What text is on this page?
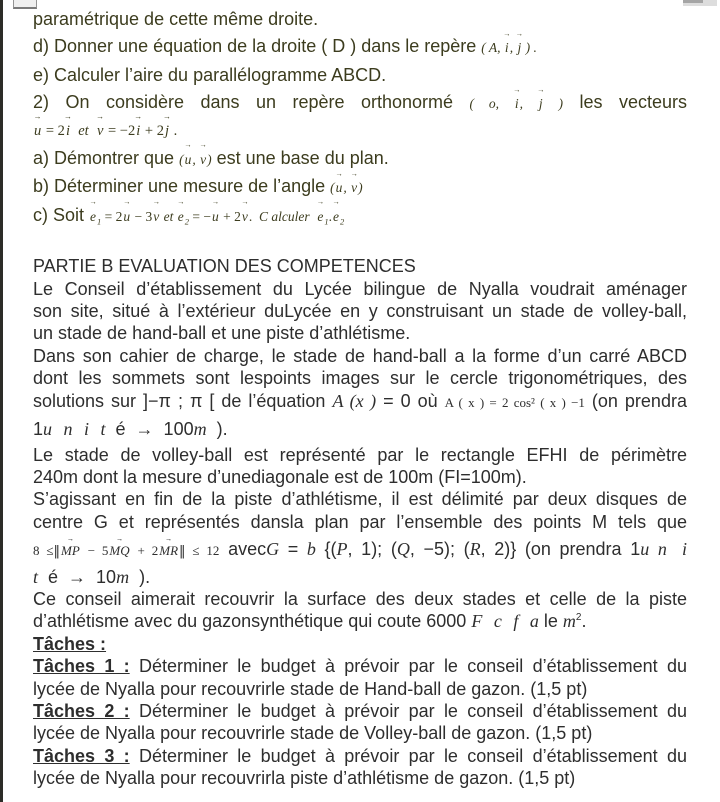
paramétrique de cette même droite.
d) Donner une équation de la droite ( D ) dans le repère ( A, i →, j → ) .
e) Calculer l’aire du parallélogramme ABCD.
2) On considère dans un repère orthonormé ( o, i →, j → ) les vecteurs
u → = 2i → et v → = −2i → + 2j → .
a) Démontrer que (u →, v →) est une base du plan.
b) Déterminer une mesure de l’angle (u →, v →)
c) Soit $e \to_1 = 2u$ → − 3v → et $e \to_2 = -u$ → + 2v →. C alculer $e \to_1.e \to_2$
PARTIE B EVALUATION DES COMPETENCES
Le Conseil d’établissement du Lycée bilingue de Nyalla voudrait aménager
son site, situé à l’extérieur duLycée en y construisant un stade de volley-ball,
un stade de hand-ball et une piste d’athlétisme.
Dans son cahier de charge, le stade de hand-ball a la forme d’un carré ABCD
dont les sommets sont lespoints images sur le cercle trigonométriques, des
solutions sur ]−π ; π [ de l’équation A (x ) = 0 où A ( x ) = 2 cos² ( x ) −1 (on prendra
1u n i t é → 100m ).
Le stade de volley-ball est représenté par le rectangle EFHI de périmètre
240m dont la mesure d’unediagonale est de 100m (FI=100m).
S’agissant en fin de la piste d’athlétisme, il est délimité par deux disques de
centre G et représentés dansla plan par l’ensemble des points M tels que
8 ≤‖MP → − 5MQ → + 2MR →‖ ≤ 12 avecG = b {(P, 1); (Q, −5); (R, 2)} (on prendra 1u n i
t é → 10m ).
Ce conseil aimerait recouvrir la surface des deux stades et celle de la piste
d’athlétisme avec du gazonsynthétique qui coute 6000 F c f a le $m^2$.
Tâches :
Tâches 1 : Déterminer le budget à prévoir par le conseil d’établissement du
lycée de Nyalla pour recouvrirle stade de Hand-ball de gazon. (1,5 pt)
Tâches 2 : Déterminer le budget à prévoir par le conseil d’établissement du
lycée de Nyalla pour recouvrirle stade de Volley-ball de gazon. (1,5 pt)
Tâches 3 : Déterminer le budget à prévoir par le conseil d’établissement du
lycée de Nyalla pour recouvrirla piste d’athlétisme de gazon. (1,5 pt)
